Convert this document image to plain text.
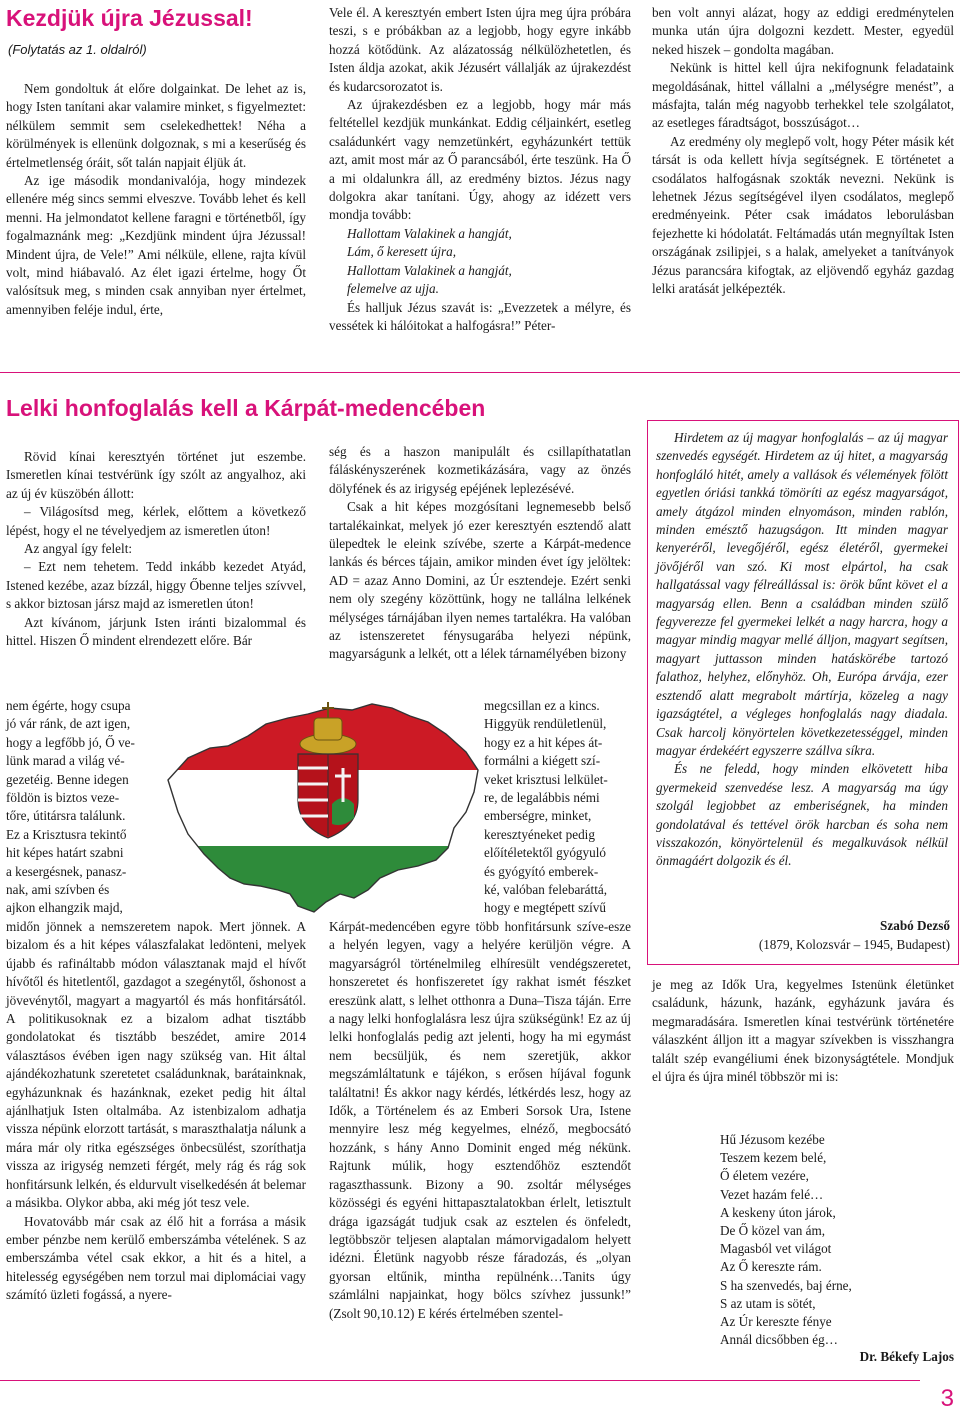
Kezdjük újra Jézussal!
(Folytatás az 1. oldalról)

Nem gondoltuk át előre dolgainkat. De lehet az is, hogy Isten tanítani akar valamire minket, s figyelmeztet: nélkülem semmit sem cselekedhettek! Néha a körülmények is ellenünk dolgoznak, s mi a keserűség és értelmetlenség óráit, sőt talán napjait éljük át.

Az ige második mondanivalója, hogy mindezek ellenére még sincs semmi elveszve. Tovább lehet és kell menni. Ha jelmondatot kellene faragni e történetből, így fogalmaznánk meg: „Kezdjünk mindent újra Jézussal! Mindent újra, de Vele!” Ami nélküle, ellene, rajta kívül volt, mind hiábavaló. Az élet igazi értelme, hogy Őt valósítsuk meg, s minden csak annyiban nyer értelmet, amennyiben feléje indul, érte,

Vele él. A keresztyén embert Isten újra meg újra próbára teszi, s e próbákban az a legjobb, hogy egyre inkább hozzá kötődünk. Az alázatosság nélkülözhetetlen, és Isten áldja azokat, akik Jézusért vállalják az újrakezdést és kudarcsorozatot is.

Az újrakezdésben ez a legjobb, hogy már más feltétellel kezdjük munkánkat. Eddig céljainkért, esetleg családunkért vagy nemzetünkért, egyházunkért tettük azt, amit most már az Ő parancsából, érte teszünk. Ha Ő a mi oldalunkra áll, az eredmény biztos. Jézus nagy dolgokra akar tanítani. Úgy, ahogy az idézett vers mondja tovább:

Hallottam Valakinek a hangját,
Lám, ő keresett újra,
Hallottam Valakinek a hangját,
felemelve az ujja.

És halljuk Jézus szavát is: „Evezzetek a mélyre, és vessétek ki hálóitokat a halfogásra!” Péter-

ben volt annyi alázat, hogy az eddigi eredménytelen munka után újra dolgozni kezdett. Mester, egyedül neked hiszek – gondolta magában.

Nekünk is hittel kell újra nekifognunk feladataink megoldásának, hittel vállalni a „mélységre menést”, a másfajta, talán még nagyobb terhekkel tele szolgálatot, az esetleges fáradtságot, bosszúságot…

Az eredmény oly meglepő volt, hogy Péter másik két társát is oda kellett hívja segítségnek. E történetet a csodálatos halfogásnak szokták nevezni. Nekünk is lehetnek Jézus segítségével ilyen csodálatos, meglepő eredményeink. Péter csak imádatos leborulásban fejezhette ki hódolatát. Feltámadás után megnyíltak Isten országának zsilipjei, s a halak, amelyeket a tanítványok Jézus parancsára kifogtak, az eljövendő egyház gazdag lelki aratását jelképezték.

Lelki honfoglalás kell a Kárpát-medencében

Rövid kínai keresztyén történet jut eszembe. Ismeretlen kínai testvérünk így szólt az angyalhoz, aki az új év küszöbén állott:

– Világosítsd meg, kérlek, előttem a következő lépést, hogy el ne tévelyedjem az ismeretlen úton!

Az angyal így felelt:

– Ezt nem tehetem. Tedd inkább kezedet Atyád, Istened kezébe, azaz bízzál, higgy Őbenne teljes szívvel, s akkor biztosan jársz majd az ismeretlen úton!

Azt kívánom, járjunk Isten iránti bizalommal és hittel. Hiszen Ő mindent elrendezett előre. Bár

nem égérte, hogy csupa
jó vár ránk, de azt igen,
hogy a legfőbb jó, Ő ve-
lünk marad a világ vé-
gezetéig. Benne idegen
földön is biztos veze-
tőre, útitársra találunk.
Ez a Krisztusra tekintő
hit képes határt szabni
a kesergésnek, panasz-
nak, ami szívben és
ajkon elhangzik majd,

midőn jönnek a nemszeretem napok. Mert jönnek. A bizalom és a hit képes válaszfalakat ledönteni, melyek újabb és rafináltabb módon választanak majd el hívőt hívőtől és hitetlentől, gazdagot a szegénytől, őshonost a jövevénytől, magyart a magyartól és más honfitársától. A politikusoknak ez a bizalom adhat tisztább gondolatokat és tisztább beszédet, amire 2014 választásos évében igen nagy szükség van. Hit által ajándékozhatunk szeretetet családunknak, barátainknak, egyházunknak és hazánknak, ezeket pedig hit által ajánlhatjuk Isten oltalmába. Az istenbizalom adhatja vissza népünk elorzott tartását, s maraszthalatja nálunk a mára már oly ritka egészséges önbecsülést, szoríthatja vissza az irigység nemzeti férgét, mely rág és rág sok honfitársunk lelkén, és eldurvult viselkedésén át belemar a másikba. Olykor abba, aki még jót tesz vele.

Hovatovább már csak az élő hit a forrása a másik ember pénzbe nem kerülő emberszámba vételének. S az emberszámba vétel csak ekkor, a hit és a hitel, a hitelesség egységében nem torzul mai diplomáciai vagy számító üzleti fogássá, a nyere-

ség és a haszon manipulált és csillapíthatatlan fáláskényszerének kozmetikázására, vagy az önzés dölyfének és az irigység epéjének leplezésévé.

Csak a hit képes mozgósítani legnemesebb belső tartalékainkat, melyek jó ezer keresztyén esztendő alatt ülepedtek le eleink szívébe, szerte a Kárpát-medence lankás és bérces tájain, amikor minden évet így jelöltek: AD = azaz Anno Domini, az Úr esztendeje. Ezért senki nem oly szegény közöttünk, hogy ne tallálna lelkének mélységes tárnájában ilyen nemes tartalékra. Ha valóban az istenszeretet fénysugarába helyezi népünk, magyarságunk a lelkét, ott a lélek tárnamélyében bizony

megcsillan ez a kincs.
Higgyük rendületlenül,
hogy ez a hit képes át-
formálni a kiégett szí-
veket krisztusi lelkület-
re, de legalábbis némi
emberségre, minket,
keresztyéneket pedig
előítéletektől gyógyuló
és gyógyító emberek-
ké, valóban felebaráttá,
hogy e megtépett szívű

Kárpát-medencében egyre több honfitársunk szíve-esze a helyén legyen, vagy a helyére kerüljön végre. A magyarságról történelmileg elhíresült vendégszeretet, honszeretet és honfiszeretet így rakhat ismét fészket ereszünk alatt, s lelhet otthonra a Duna–Tisza táján. Erre a nagy lelki honfoglalásra lesz újra szükségünk! Ez az új lelki honfoglalás pedig azt jelenti, hogy ha mi egymást nem becsüljük, és nem szeretjük, akkor megszámláltatunk e tájékon, s erősen híjával fogunk találtatni! És akkor nagy kérdés, létkérdés lesz, hogy az Idők, a Történelem és az Emberi Sorsok Ura, Istene mennyire lesz még kegyelmes, elnéző, megbocsátó hozzánk, s hány Anno Dominit enged még nékünk. Rajtunk múlik, hogy esztendőhöz esztendőt ragaszthassunk. Bizony a 90. zsoltár mélységes közösségi és egyéni hittapasztalatokban érlelt, letisztult drága igazságát tudjuk csak az esztelen és önfeledt, legtöbbször teljesen alaptalan mámorvigadalom helyett idézni. Életünk nagyobb része fáradozás, és „olyan gyorsan eltűnik, mintha repülnénk…Tanits úgy számlálni napjainkat, hogy bölcs szívhez jussunk!” (Zsolt 90,10.12) E kérés értelmében szentel-

Hirdetem az új magyar honfoglalás – az új magyar szenvedés egységét. Hirdetem az új hitet, a magyarság honfogláló hitét, amely a vallások és vélemények fölött egyetlen óriási tankká tömöríti az egész magyarságot, amely átgázol minden elnyomáson, minden rablón, minden emésztő hazugságon. Itt minden magyar kenyeréről, levegőjéről, egész életéről, gyermekei jövőjéről van szó. Ki most elpártol, ha csak hallgatással vagy félreállással is: örök bűnt követ el a magyarság ellen. Benn a családban minden szülő fegyverezze fel gyermekei lelkét a nagy harcra, hogy a magyar mindig magyar mellé álljon, magyart segítsen, magyart juttasson minden hatáskörébe tartozó falathoz, helyhez, előnyhöz. Oh, Európa árvája, ezer esztendő alatt megrabolt mártírja, közeleg a nagy igazságtétel, a végleges honfoglalás nagy diadala. Csak harcolj könyörtelen következetességgel, minden magyar érdekéért egyszerre szállva síkra.

És ne feledd, hogy minden elkövetett hiba gyermekeid szenvedése lesz. A magyarság ma úgy szolgál legjobbet az emberiségnek, ha minden gondolatával és tettével örök harcban és soha nem visszakozón, könyörtelenül és megalkuvások nélkül önmagáért dolgozik és él.

Szabó Dezső
(1879, Kolozsvár – 1945, Budapest)

je meg az Idők Ura, kegyelmes Istenünk életünket családunk, házunk, hazánk, egyházunk javára és megmaradására. Ismeretlen kínai testvérünk történetére válaszként álljon itt a magyar szívekben is visszhangra talált szép evangéliumi ének bizonyságtétele. Mondjuk el újra és újra minél többször mi is:

Hű Jézusom kezébe
Teszem kezem belé,
Ő életem vezére,
Vezet hazám felé…
A keskeny úton járok,
De Ő közel van ám,
Magasból vet világot
Az Ő kereszte rám.
S ha szenvedés, baj érne,
S az utam is sötét,
Az Úr kereszte fénye
Annál dicsőbben ég…
Dr. Békefy Lajos
3
